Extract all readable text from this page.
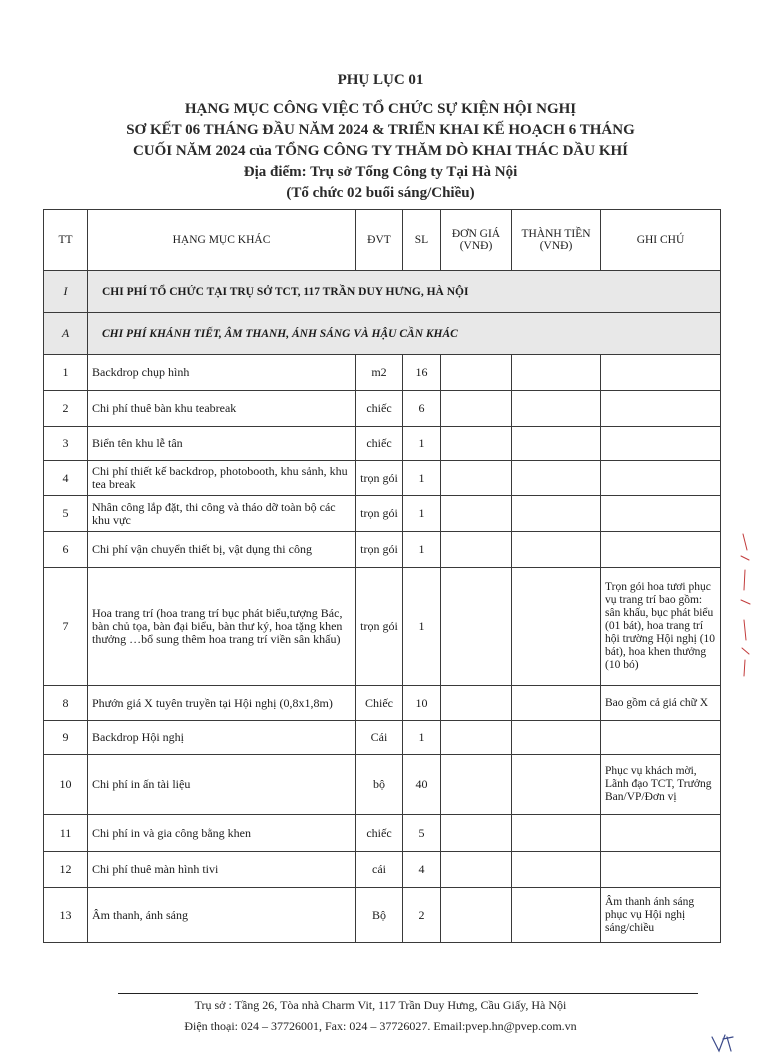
PHỤ LỤC 01
HẠNG MỤC CÔNG VIỆC TỔ CHỨC SỰ KIỆN HỘI NGHỊ
SƠ KẾT 06 THÁNG ĐẦU NĂM 2024 & TRIỂN KHAI KẾ HOẠCH 6 THÁNG
CUỐI NĂM 2024 của TỔNG CÔNG TY THĂM DÒ KHAI THÁC DẦU KHÍ
Địa điểm: Trụ sở Tổng Công ty Tại Hà Nội
(Tổ chức 02 buổi sáng/Chiều)
TT	HẠNG MỤC KHÁC	ĐVT	SL	ĐƠN GIÁ (VNĐ)	THÀNH TIỀN (VNĐ)	GHI CHÚ
I	CHI PHÍ TỔ CHỨC TẠI TRỤ SỞ TCT, 117 TRẦN DUY HƯNG, HÀ NỘI					
A	CHI PHÍ KHÁNH TIẾT, ÂM THANH, ÁNH SÁNG VÀ HẬU CẦN KHÁC					
1	Backdrop chụp hình	m2	16			
2	Chi phí thuê bàn khu teabreak	chiếc	6			
3	Biển tên khu lễ tân	chiếc	1			
4	Chi phí thiết kế backdrop, photobooth, khu sảnh, khu tea break	trọn gói	1			
5	Nhân công lắp đặt, thi công và tháo dỡ toàn bộ các khu vực	trọn gói	1			
6	Chi phí vận chuyển thiết bị, vật dụng thi công	trọn gói	1			
7	Hoa trang trí (hoa trang trí bục phát biểu,tượng Bác, bàn chủ tọa, bàn đại biểu, bàn thư ký, hoa tặng khen thưởng …bổ sung thêm hoa trang trí viền sân khấu)	trọn gói	1			Trọn gói hoa tươi phục vụ trang trí bao gồm: sân khấu, bục phát biểu (01 bát), hoa trang trí hội trường Hội nghị (10 bát), hoa khen thưởng (10 bó)
8	Phướn giá X tuyên truyền tại Hội nghị (0,8x1,8m)	Chiếc	10			Bao gồm cả giá chữ X
9	Backdrop Hội nghị	Cái	1			
10	Chi phí in ấn tài liệu	bộ	40			Phục vụ khách mời, Lãnh đạo TCT, Trưởng Ban/VP/Đơn vị
11	Chi phí in và gia công bằng khen	chiếc	5			
12	Chi phí thuê màn hình tivi	cái	4			
13	Âm thanh, ánh sáng	Bộ	2			Âm thanh ánh sáng phục vụ Hội nghị sáng/chiều
Trụ sở : Tầng 26, Tòa nhà Charm Vit, 117 Trần Duy Hưng, Cầu Giấy, Hà Nội
Điện thoại: 024 – 37726001, Fax: 024 – 37726027. Email:pvep.hn@pvep.com.vn
